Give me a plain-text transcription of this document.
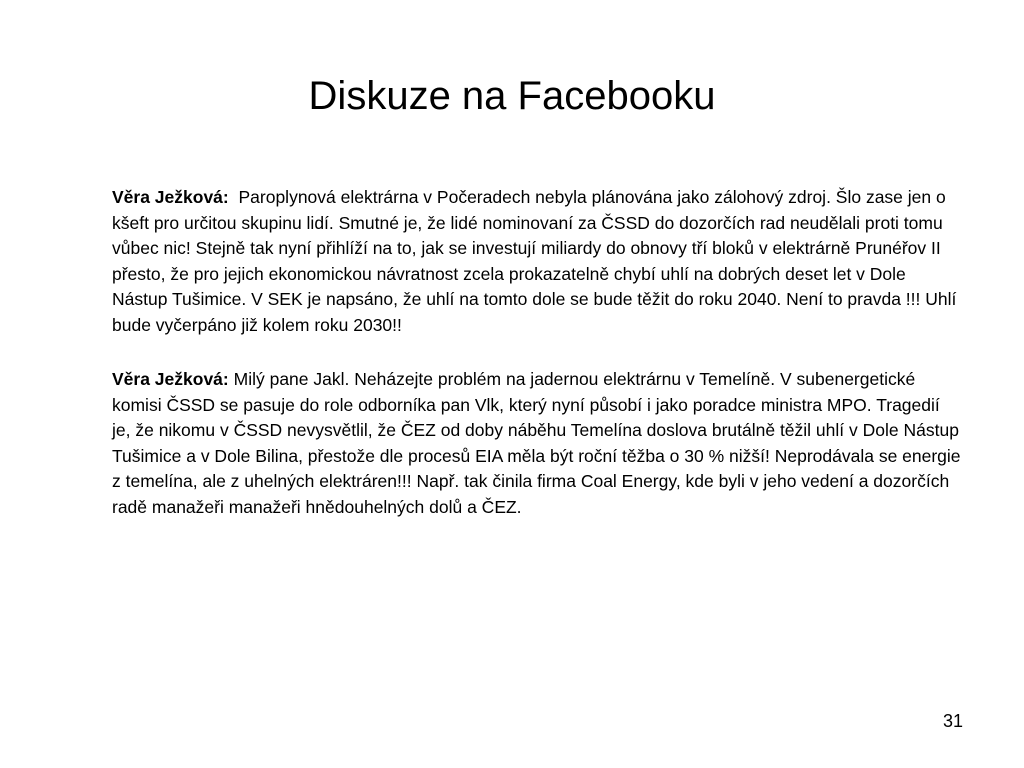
Diskuze na Facebooku

Věra Ježková: Paroplynová elektrárna v Počeradech nebyla plánována jako zálohový zdroj. Šlo zase jen o kšeft pro určitou skupinu lidí. Smutné je, že lidé nominovaní za ČSSD do dozorčích rad neudělali proti tomu vůbec nic! Stejně tak nyní přihlíží na to, jak se investují miliardy do obnovy tří bloků v elektrárně Prunéřov II přesto, že pro jejich ekonomickou návratnost zcela prokazatelně chybí uhlí na dobrých deset let v Dole Nástup Tušimice. V SEK je napsáno, že uhlí na tomto dole se bude těžit do roku 2040. Není to pravda !!! Uhlí bude vyčerpáno již kolem roku 2030!!

Věra Ježková: Milý pane Jakl. Neházejte problém na jadernou elektrárnu v Temelíně. V subenergetické komisi ČSSD se pasuje do role odborníka pan Vlk, který nyní působí i jako poradce ministra MPO. Tragedií je, že nikomu v ČSSD nevysvětlil, že ČEZ od doby náběhu Temelína doslova brutálně těžil uhlí v Dole Nástup Tušimice a v Dole Bilina, přestože dle procesů EIA měla být roční těžba o 30 % nižší! Neprodávala se energie z temelína, ale z uhelných elektráren!!! Např. tak činila firma Coal Energy, kde byli v jeho vedení a dozorčích radě manažeři manažeři hnědouhelných dolů a ČEZ.

31
